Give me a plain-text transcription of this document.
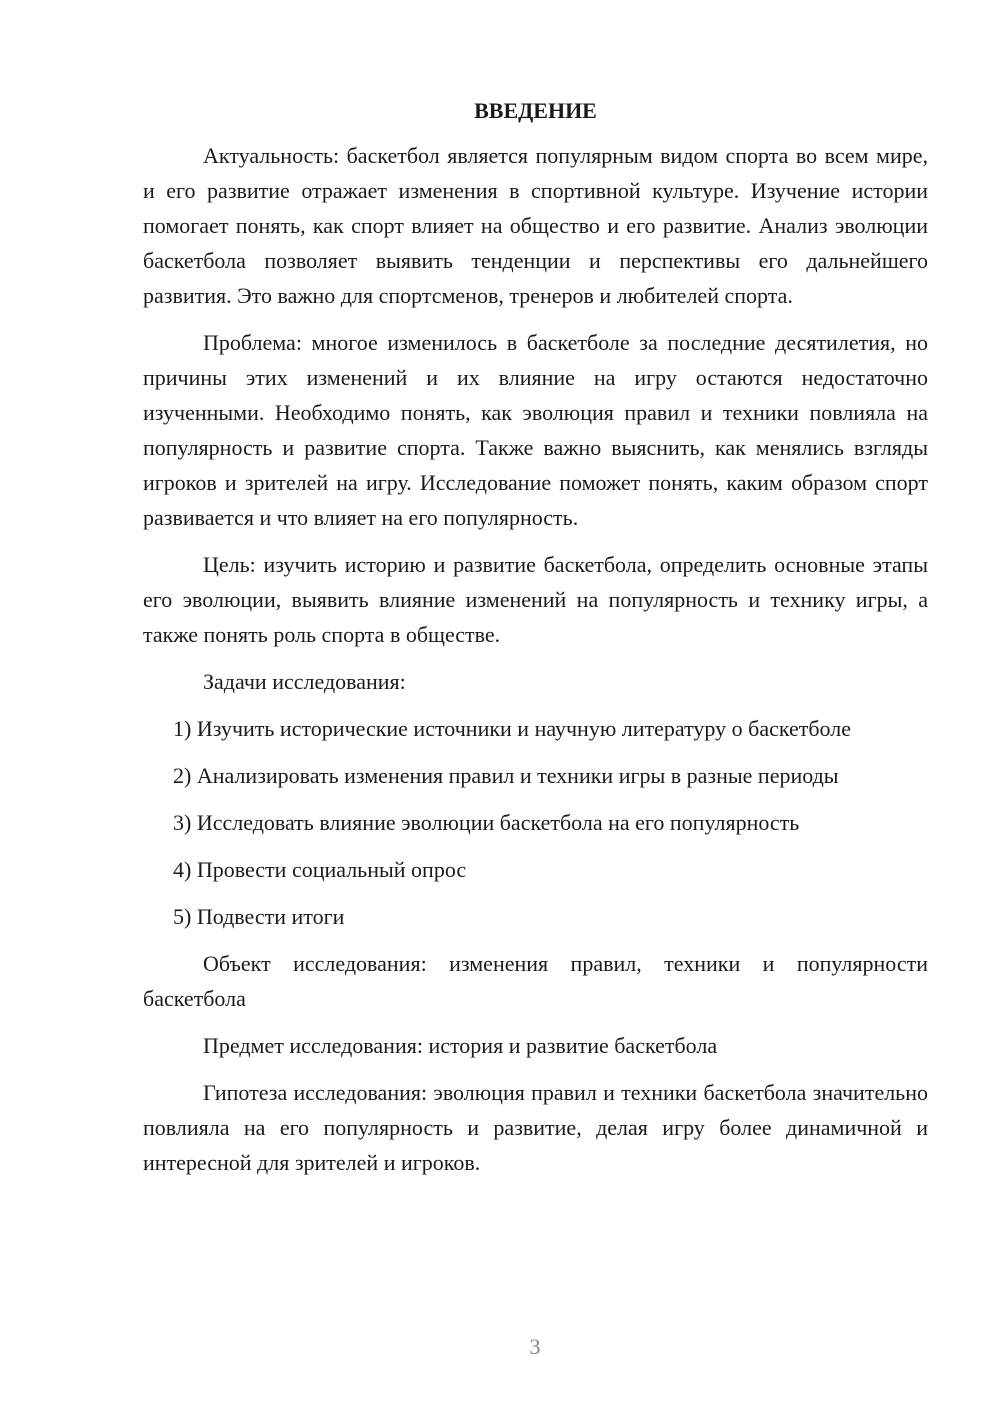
ВВЕДЕНИЕ

Актуальность: баскетбол является популярным видом спорта во всем мире, и его развитие отражает изменения в спортивной культуре. Изучение истории помогает понять, как спорт влияет на общество и его развитие. Анализ эволюции баскетбола позволяет выявить тенденции и перспективы его дальнейшего развития. Это важно для спортсменов, тренеров и любителей спорта.

Проблема: многое изменилось в баскетболе за последние десятилетия, но причины этих изменений и их влияние на игру остаются недостаточно изученными. Необходимо понять, как эволюция правил и техники повлияла на популярность и развитие спорта. Также важно выяснить, как менялись взгляды игроков и зрителей на игру. Исследование поможет понять, каким образом спорт развивается и что влияет на его популярность.

Цель: изучить историю и развитие баскетбола, определить основные этапы его эволюции, выявить влияние изменений на популярность и технику игры, а также понять роль спорта в обществе.

Задачи исследования:

1) Изучить исторические источники и научную литературу о баскетболе

2) Анализировать изменения правил и техники игры в разные периоды

3) Исследовать влияние эволюции баскетбола на его популярность

4) Провести социальный опрос

5) Подвести итоги

Объект исследования: изменения правил, техники и популярности баскетбола

Предмет исследования: история и развитие баскетбола

Гипотеза исследования: эволюция правил и техники баскетбола значительно повлияла на его популярность и развитие, делая игру более динамичной и интересной для зрителей и игроков.

3
